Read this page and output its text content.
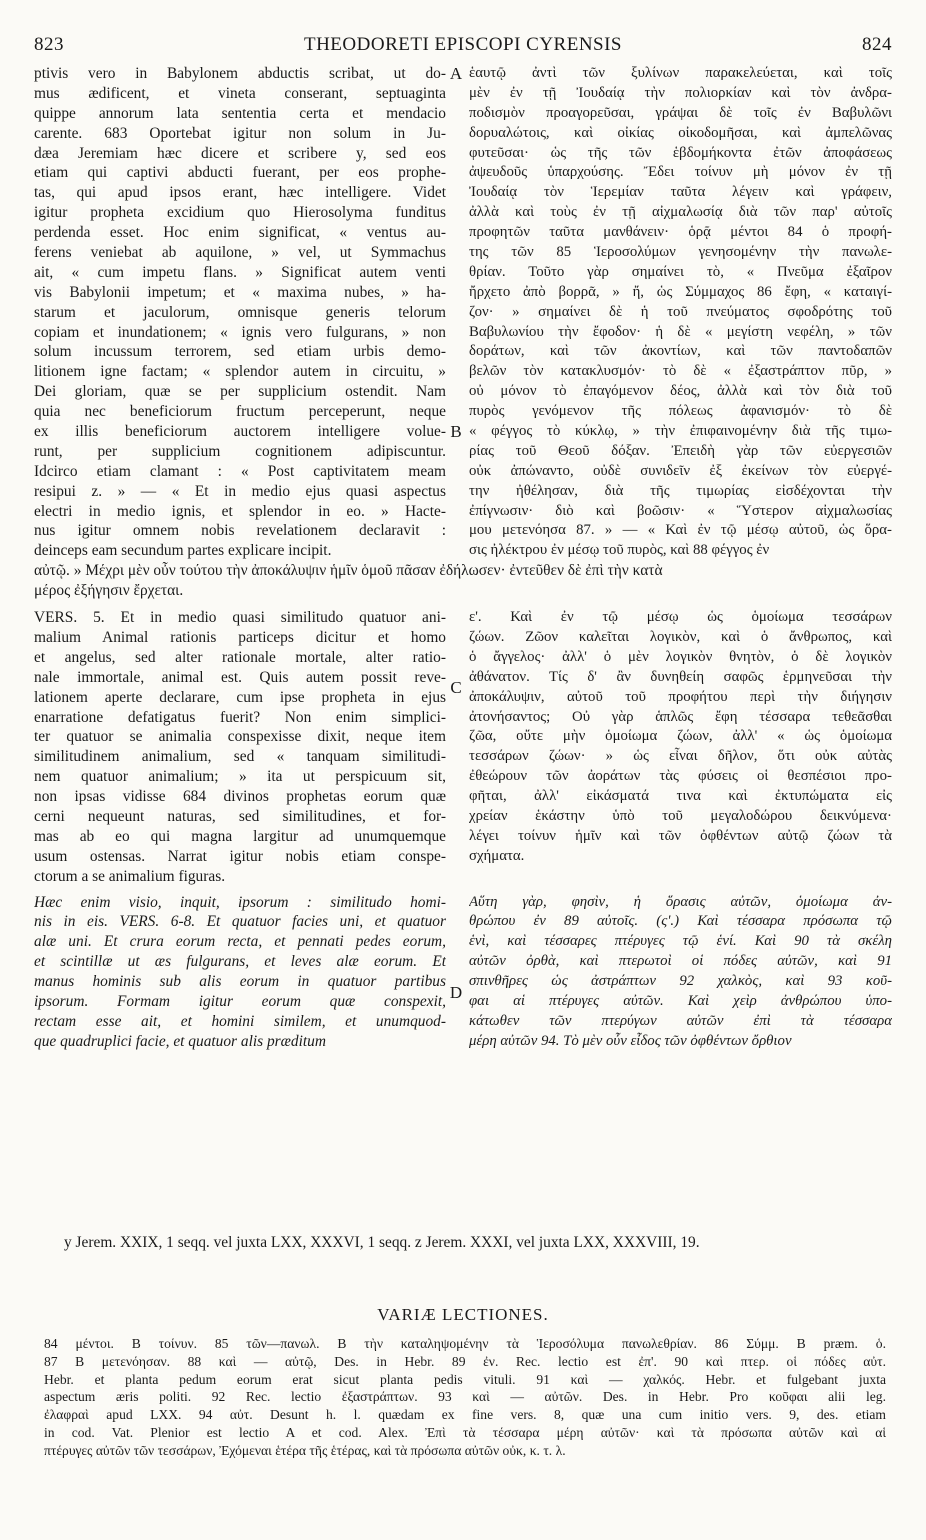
823	THEODORETI EPISCOPI CYRENSIS	824
ptivis vero in Babylonem abductis scribat, ut do-
mus ædificent, et vineta conserant, septuaginta
quippe annorum lata sententia certa et mendacio
carente. 683 Oportebat igitur non solum in Ju-
dæa Jeremiam hæc dicere et scribere y, sed eos
etiam qui captivi abducti fuerant, per eos prophe-
tas, qui apud ipsos erant, hæc intelligere. Videt
igitur propheta excidium quo Hierosolyma funditus
perdenda esset. Hoc enim significat, « ventus au-
ferens veniebat ab aquilone, » vel, ut Symmachus
ait, « cum impetu flans. » Significat autem venti
vis Babylonii impetum; et « maxima nubes, » ha-
starum et jaculorum, omnisque generis telorum
copiam et inundationem; « ignis vero fulgurans, » non
solum incussum terrorem, sed etiam urbis demo-
litionem igne factam; « splendor autem in circuitu, »
Dei gloriam, quæ se per supplicium ostendit. Nam
quia nec beneficiorum fructum perceperunt, neque
ex illis beneficiorum auctorem intelligere volue-
runt, per supplicium cognitionem adipiscuntur.
Idcirco etiam clamant : « Post captivitatem meam
resipui z. » — « Et in medio ejus quasi aspectus
electri in medio ignis, et splendor in eo. » Hacte-
nus igitur omnem nobis revelationem declaravit :
deinceps eam secundum partes explicare incipit.
ἑαυτῷ ἀντὶ τῶν ξυλίνων παρακελεύεται, καὶ τοῖς
μὲν ἐν τῇ Ἰουδαίᾳ τὴν πολιορκίαν καὶ τὸν ἀνδρα-
ποδισμὸν προαγορεῦσαι, γράψαι δὲ τοῖς ἐν Βαβυλῶνι
δορυαλώτοις, καὶ οἰκίας οἰκοδομῆσαι, καὶ ἀμπελῶνας
φυτεῦσαι· ὡς τῆς τῶν ἑβδομήκοντα ἐτῶν ἀποφάσεως
ἀψευδοῦς ὑπαρχούσης. Ἔδει τοίνυν μὴ μόνον ἐν τῇ
Ἰουδαίᾳ τὸν Ἱερεμίαν ταῦτα λέγειν καὶ γράφειν,
ἀλλὰ καὶ τοὺς ἐν τῇ αἰχμαλωσίᾳ διὰ τῶν παρ' αὐτοῖς
προφητῶν ταῦτα μανθάνειν· ὁρᾷ μέντοι 84 ὁ προφή-
της τῶν 85 Ἱεροσολύμων γενησομένην τὴν πανωλε-
θρίαν. Τοῦτο γὰρ σημαίνει τὸ, « Πνεῦμα ἐξαῖρον
ἤρχετο ἀπὸ βορρᾶ, » ἤ, ὡς Σύμμαχος 86 ἔφη, « καταιγί-
ζον· » σημαίνει δὲ ἡ τοῦ πνεύματος σφοδρότης τοῦ
Βαβυλωνίου τὴν ἔφοδον· ἡ δὲ « μεγίστη νεφέλη, » τῶν
δοράτων, καὶ τῶν ἀκοντίων, καὶ τῶν παντοδαπῶν
βελῶν τὸν κατακλυσμόν· τὸ δὲ « ἐξαστράπτον πῦρ, »
οὐ μόνον τὸ ἐπαγόμενον δέος, ἀλλὰ καὶ τὸν διὰ τοῦ
πυρὸς γενόμενον τῆς πόλεως ἀφανισμόν· τὸ δὲ
« φέγγος τὸ κύκλῳ, » τὴν ἐπιφαινομένην διὰ τῆς τιμω-
ρίας τοῦ Θεοῦ δόξαν. Ἐπειδὴ γὰρ τῶν εὐεργεσιῶν
οὐκ ἀπώναντο, οὐδὲ συνιδεῖν ἐξ ἐκείνων τὸν εὐεργέ-
την ἠθέλησαν, διὰ τῆς τιμωρίας εἰσδέχονται τὴν
ἐπίγνωσιν· διὸ καὶ βοῶσιν· « Ὕστερον αἰχμαλωσίας
μου μετενόησα 87. » — « Καὶ ἐν τῷ μέσῳ αὐτοῦ, ὡς ὅρα-
σις ἠλέκτρου ἐν μέσῳ τοῦ πυρὸς, καὶ 88 φέγγος ἐν
A
B
αὐτῷ. » Μέχρι μὲν οὖν τούτου τὴν ἀποκάλυψιν ἡμῖν ὁμοῦ πᾶσαν ἐδήλωσεν· ἐντεῦθεν δὲ ἐπὶ τὴν κατὰ
μέρος ἐξήγησιν ἔρχεται.
VERS. 5. Et in medio quasi similitudo quatuor ani-
malium Animal rationis particeps dicitur et homo
et angelus, sed alter rationale mortale, alter ratio-
nale immortale, animal est. Quis autem possit reve-
lationem aperte declarare, cum ipse propheta in ejus
enarratione defatigatus fuerit? Non enim simplici-
ter quatuor se animalia conspexisse dixit, neque item
similitudinem animalium, sed « tanquam similitudi-
nem quatuor animalium; » ita ut perspicuum sit,
non ipsas vidisse 684 divinos prophetas eorum quæ
cerni nequeunt naturas, sed similitudines, et for-
mas ab eo qui magna largitur ad unumquemque
usum ostensas. Narrat igitur nobis etiam conspe-
ctorum a se animalium figuras.
ε'. Καὶ ἐν τῷ μέσῳ ὡς ὁμοίωμα τεσσάρων
ζώων. Ζῶον καλεῖται λογικὸν, καὶ ὁ ἄνθρωπος, καὶ
ὁ ἄγγελος· ἀλλ' ὁ μὲν λογικὸν θνητὸν, ὁ δὲ λογικὸν
ἀθάνατον. Τίς δ' ἂν δυνηθείη σαφῶς ἑρμηνεῦσαι τὴν
ἀποκάλυψιν, αὐτοῦ τοῦ προφήτου περὶ τὴν διήγησιν
ἀτονήσαντος; Οὐ γὰρ ἁπλῶς ἔφη τέσσαρα τεθεᾶσθαι
ζῶα, οὔτε μὴν ὁμοίωμα ζώων, ἀλλ' « ὡς ὁμοίωμα
τεσσάρων ζώων· » ὡς εἶναι δῆλον, ὅτι οὐκ αὐτὰς
ἐθεώρουν τῶν ἀοράτων τὰς φύσεις οἱ θεσπέσιοι προ-
φῆται, ἀλλ' εἰκάσματά τινα καὶ ἐκτυπώματα εἰς
χρείαν ἑκάστην ὑπὸ τοῦ μεγαλοδώρου δεικνύμενα·
λέγει τοίνυν ἡμῖν καὶ τῶν ὀφθέντων αὐτῷ ζώων τὰ
σχήματα.
C
Hæc enim visio, inquit, ipsorum : similitudo homi-
nis in eis. VERS. 6-8. Et quatuor facies uni, et quatuor
alæ uni. Et crura eorum recta, et pennati pedes eorum,
et scintillæ ut æs fulgurans, et leves alæ eorum. Et
manus hominis sub alis eorum in quatuor partibus
ipsorum. Formam igitur eorum quæ conspexit,
rectam esse ait, et homini similem, et unumquod-
que quadruplici facie, et quatuor alis præditum
Αὕτη γὰρ, φησὶν, ἡ ὅρασις αὐτῶν, ὁμοίωμα ἀν-
θρώπου ἐν 89 αὐτοῖς. (ς'.) Καὶ τέσσαρα πρόσωπα τῷ
ἑνὶ, καὶ τέσσαρες πτέρυγες τῷ ἑνί. Καὶ 90 τὰ σκέλη
αὐτῶν ὀρθὰ, καὶ πτερωτοὶ οἱ πόδες αὐτῶν, καὶ 91
σπινθῆρες ὡς ἀστράπτων 92 χαλκὸς, καὶ 93 κοῦ-
φαι αἱ πτέρυγες αὐτῶν. Καὶ χεὶρ ἀνθρώπου ὑπο-
κάτωθεν τῶν πτερύγων αὐτῶν ἐπὶ τὰ τέσσαρα
μέρη αὐτῶν 94. Τὸ μὲν οὖν εἶδος τῶν ὀφθέντων ὄρθιον
D
y Jerem. XXIX, 1 seqq. vel juxta LXX, XXXVI, 1 seqq. z Jerem. XXXI, vel juxta LXX, XXXVIII, 19.
VARIÆ LECTIONES.
84 μέντοι. B τοίνυν. 85 τῶν—πανωλ. B τὴν καταληψομένην τὰ Ἱεροσόλυμα πανωλεθρίαν. 86 Σύμμ. B præm. ὁ.
87 B μετενόησαν. 88 καὶ — αὐτῷ, Des. in Hebr. 89 ἐν. Rec. lectio est ἐπ'. 90 καὶ πτερ. οἱ πόδες αὐτ.
Hebr. et planta pedum eorum erat sicut planta pedis vituli. 91 καὶ — χαλκός. Hebr. et fulgebant juxta
aspectum æris politi. 92 Rec. lectio ἐξαστράπτων. 93 καὶ — αὐτῶν. Des. in Hebr. Pro κοῦφαι alii leg.
ἐλαφραὶ apud LXX. 94 αὐτ. Desunt h. l. quædam ex fine vers. 8, quæ una cum initio vers. 9, des. etiam
in cod. Vat. Plenior est lectio A et cod. Alex. Ἐπὶ τὰ τέσσαρα μέρη αὐτῶν· καὶ τὰ πρόσωπα αὐτῶν καὶ αἱ
πτέρυγες αὐτῶν τῶν τεσσάρων, Ἐχόμεναι ἑτέρα τῆς ἑτέρας, καὶ τὰ πρόσωπα αὐτῶν οὐκ, κ. τ. λ.
